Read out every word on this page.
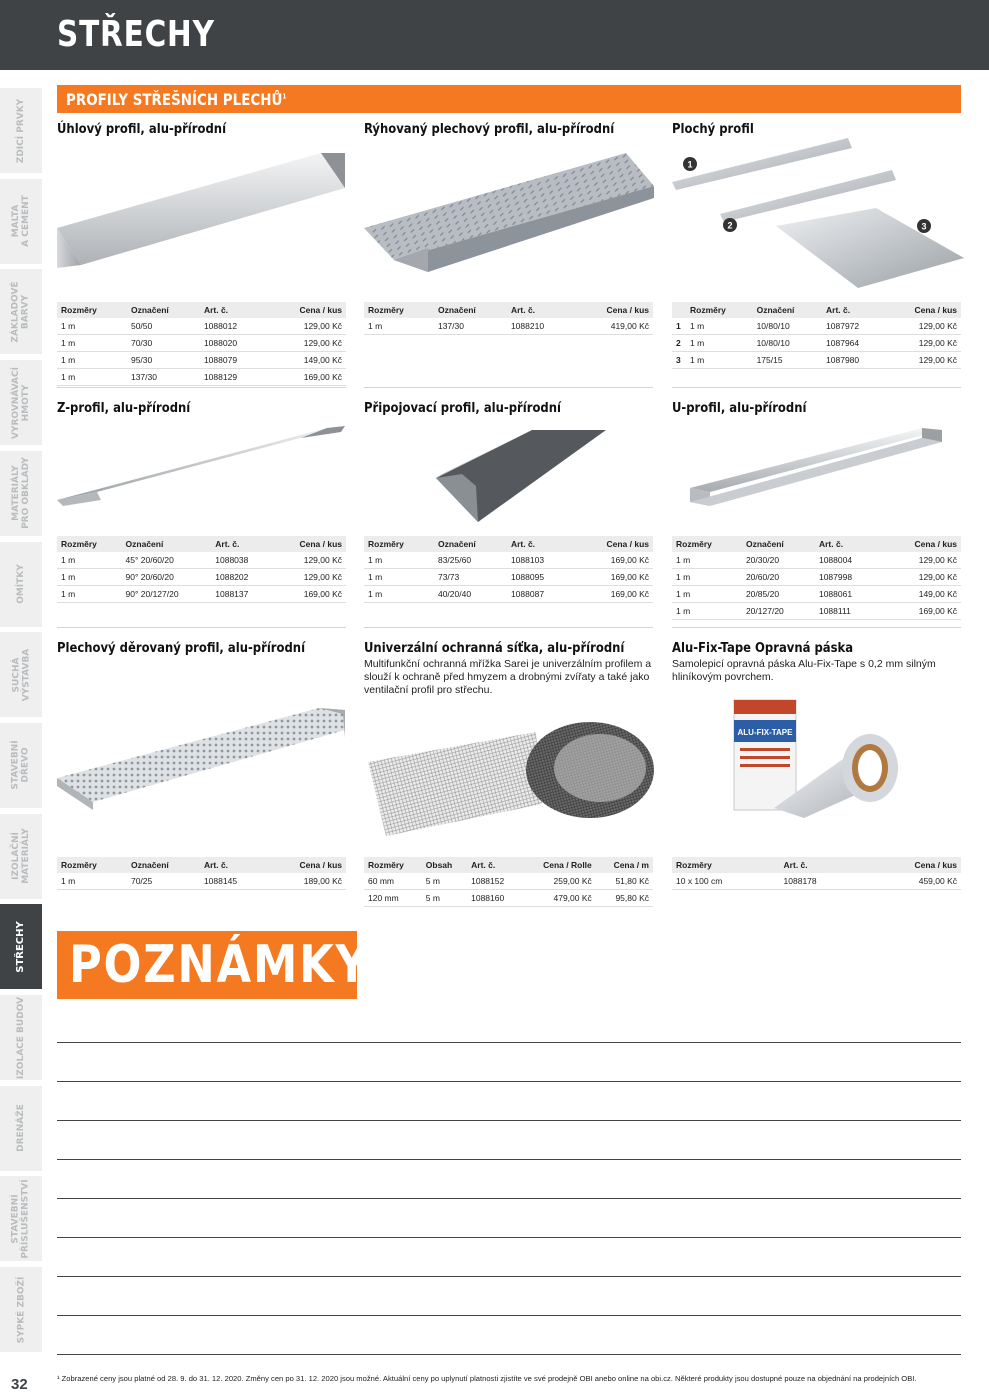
STŘECHY
ZDICÍ PRVKY
MALTA
A CEMENT
ZÁKLADOVÉ
BARVY
VYROVNÁVACÍ
HMOTY
MATERIÁLY
PRO OBKLADY
OMÍTKY
SUCHÁ
VÝSTAVBA
STAVEBNÍ
DŘEVO
IZOLAČNÍ
MATERIÁLY
STŘECHY
IZOLACE BUDOV
DRENÁŽE
STAVEBNÍ
PŘÍSLUŠENSTVÍ
SYPKÉ ZBOŽÍ
PROFILY STŘEŠNÍCH PLECHŮ$^1$
Úhlový profil, alu-přírodní
Rozměry	Označení	Art. č.	Cena / kus
1 m	50/50	1088012	129,00 Kč
1 m	70/30	1088020	129,00 Kč
1 m	95/30	1088079	149,00 Kč
1 m	137/30	1088129	169,00 Kč
Rýhovaný plechový profil, alu-přírodní
Rozměry	Označení	Art. č.	Cena / kus
1 m	137/30	1088210	419,00 Kč
Plochý profil
1
2	3
	Rozměry	Označení	Art. č.	Cena / kus
1	1 m	10/80/10	1087972	129,00 Kč
2	1 m	10/80/10	1087964	129,00 Kč
3	1 m	175/15	1087980	129,00 Kč
Z-profil, alu-přírodní
Rozměry	Označení	Art. č.	Cena / kus
1 m	45° 20/60/20	1088038	129,00 Kč
1 m	90° 20/60/20	1088202	129,00 Kč
1 m	90° 20/127/20	1088137	169,00 Kč
Připojovací profil, alu-přírodní
Rozměry	Označení	Art. č.	Cena / kus
1 m	83/25/60	1088103	169,00 Kč
1 m	73/73	1088095	169,00 Kč
1 m	40/20/40	1088087	169,00 Kč
U-profil, alu-přírodní
Rozměry	Označení	Art. č.	Cena / kus
1 m	20/30/20	1088004	129,00 Kč
1 m	20/60/20	1087998	129,00 Kč
1 m	20/85/20	1088061	149,00 Kč
1 m	20/127/20	1088111	169,00 Kč
Plechový děrovaný profil, alu-přírodní
Rozměry	Označení	Art. č.	Cena / kus
1 m	70/25	1088145	189,00 Kč
Univerzální ochranná síťka, alu-přírodní
Multifunkční ochranná mřížka Sarei je univerzálním profilem a slouží k ochraně před hmyzem a drobnými zvířaty a také jako ventilační profil pro střechu.
Rozměry	Obsah	Art. č.	Cena / Rolle	Cena / m
60 mm	5 m	1088152	259,00 Kč	51,80 Kč
120 mm	5 m	1088160	479,00 Kč	95,80 Kč
Alu-Fix-Tape Opravná páska
Samolepicí opravná páska Alu-Fix-Tape s 0,2 mm silným hliníkovým povrchem.
ALU-FIX-TAPE
Rozměry	Art. č.	Cena / kus
10 x 100 cm	1088178	459,00 Kč
POZNÁMKY
32	¹ Zobrazené ceny jsou platné od 28. 9. do 31. 12. 2020. Změny cen po 31. 12. 2020 jsou možné. Aktuální ceny po uplynutí platnosti zjistíte ve své prodejně OBI anebo online na obi.cz. Některé produkty jsou dostupné pouze na objednání na prodejních OBI.
